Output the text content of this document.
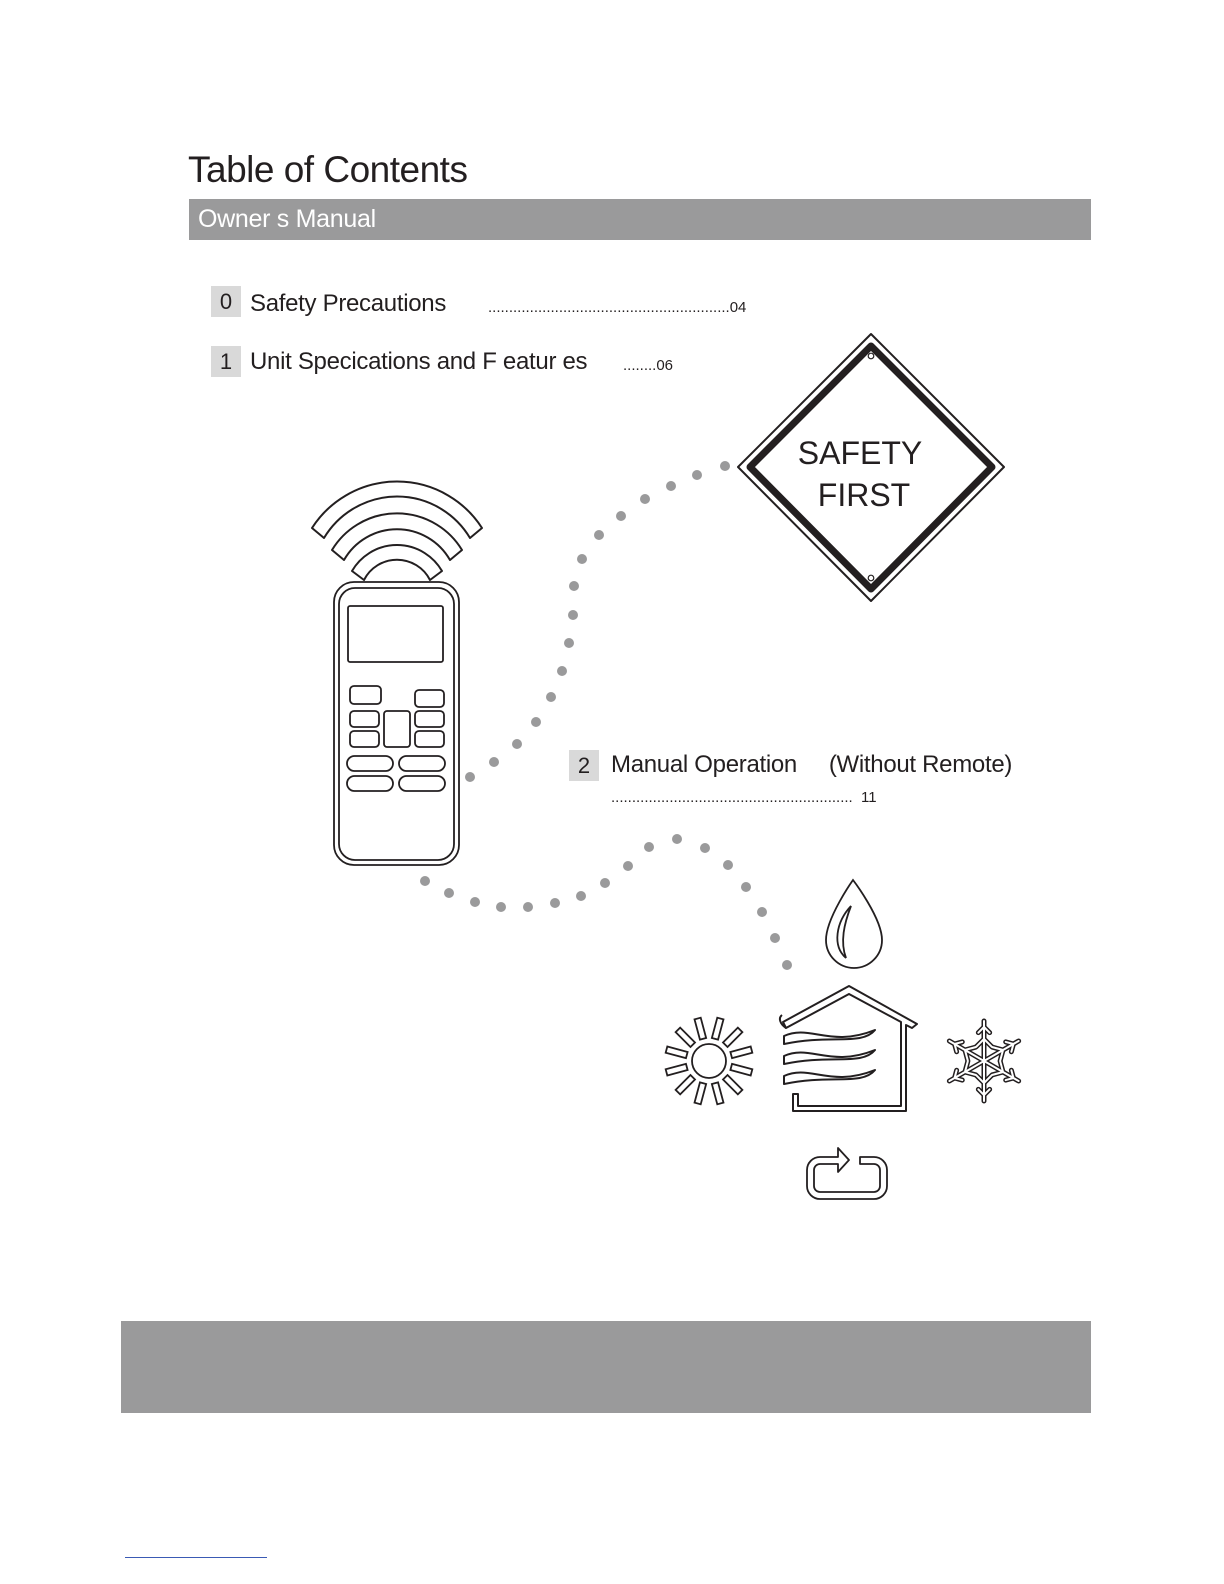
Table of Contents
Owner s Manual
0 Safety Precautions	..........................................................04
1 Unit Specications and F eatur es ........06
SAFETY
FIRST
2 Manual Operation     (Without Remote)
..........................................................  11
